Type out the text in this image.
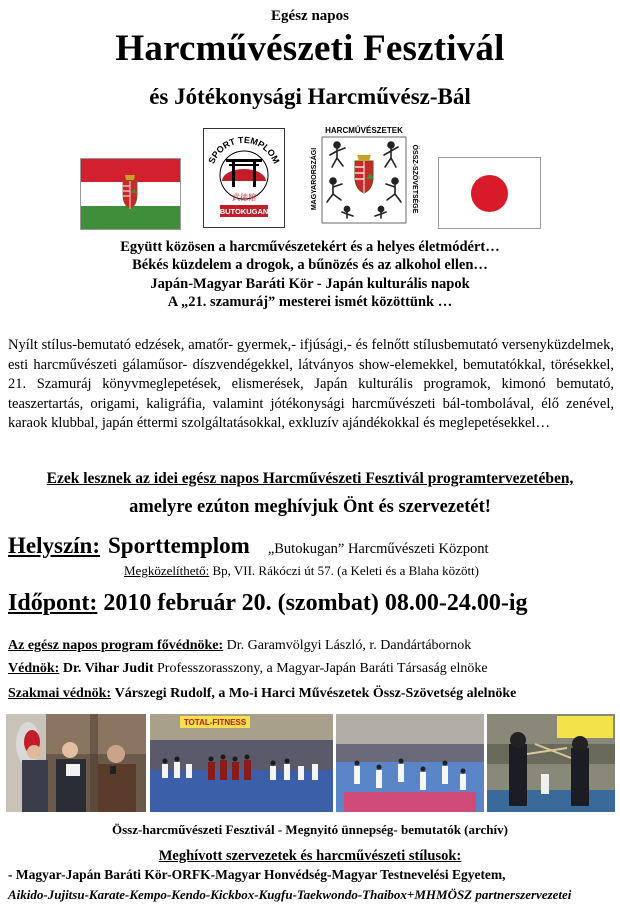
Egész napos
Harcművészeti Fesztivál
és Jótékonysági Harcművész-Bál
SPORT TEMPLOM
武徳館
BUTOKUGAN
HARCMŰVÉSZETEK
MAGYARORSZÁGI	ÖSSZ-SZÖVETSÉGE
Együtt közösen a harcművészetekért és a helyes életmódért…
Békés küzdelem a drogok, a bűnözés és az alkohol ellen…
Japán-Magyar Baráti Kör - Japán kulturális napok
A „21. szamuráj” mesterei ismét közöttünk …
Nyílt stílus-bemutató edzések, amatőr- gyermek,- ifjúsági,- és felnőtt stílusbemutató versenyküzdelmek, esti harcművészeti gálaműsor- díszvendégekkel, látványos show-elemekkel, bemutatókkal, törésekkel, 21. Szamuráj könyvmeglepetések, elismerések, Japán kulturális programok, kimonó bemutató, teaszertartás, origami, kaligráfia, valamint jótékonysági harcművészeti bál-tombolával, élő zenével, karaok klubbal, japán éttermi szolgáltatásokkal, exkluzív ajándékokkal és meglepetésekkel…
Ezek lesznek az idei egész napos Harcművészeti Fesztivál programtervezetében,
amelyre ezúton meghívjuk Önt és szervezetét!
Helyszín: Sporttemplom „Butokugan” Harcművészeti Központ
Megközelíthető: Bp, VII. Rákóczi út 57. (a Keleti és a Blaha között)
Időpont: 2010 február 20. (szombat) 08.00-24.00-ig
Az egész napos program fővédnöke: Dr. Garamvölgyi László, r. Dandártábornok
Védnök: Dr. Vihar Judit Professzorasszony, a Magyar-Japán Baráti Társaság elnöke
Szakmai védnök: Várszegi Rudolf, a Mo-i Harci Művészetek Össz-Szövetség alelnöke
TOTAL-FITNESS
Össz-harcművészeti Fesztivál - Megnyitó ünnepség- bemutatók (archív)
Meghívott szervezetek és harcművészeti stílusok:
- Magyar-Japán Baráti Kör-ORFK-Magyar Honvédség-Magyar Testnevelési Egyetem,
Aikido-Jujitsu-Karate-Kempo-Kendo-Kickbox-Kugfu-Taekwondo-Thaibox+MHMÖSZ partnerszervezetei
